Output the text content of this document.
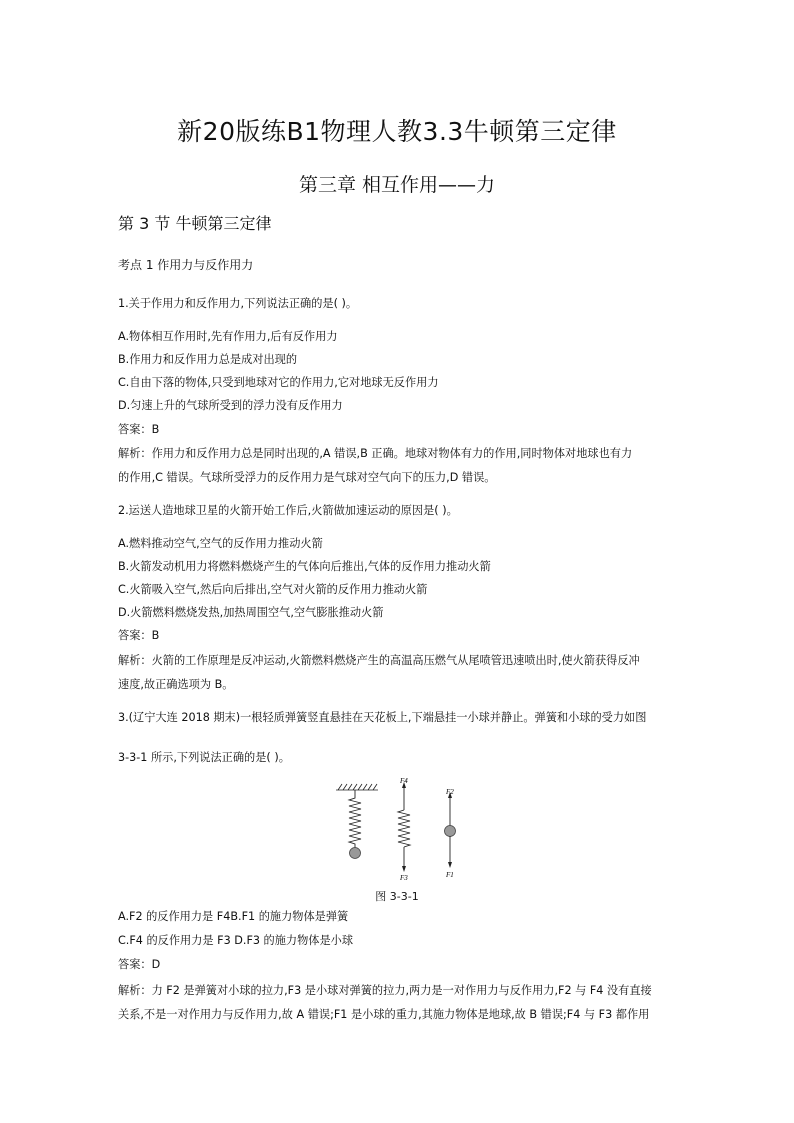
新20版练B1物理人教3.3牛顿第三定律
第三章 相互作用——力
第 3 节 牛顿第三定律
考点 1 作用力与反作用力
1.关于作用力和反作用力,下列说法正确的是( )。
A.物体相互作用时,先有作用力,后有反作用力
B.作用力和反作用力总是成对出现的
C.自由下落的物体,只受到地球对它的作用力,它对地球无反作用力
D.匀速上升的气球所受到的浮力没有反作用力
答案：B
解析：作用力和反作用力总是同时出现的,A 错误,B 正确。地球对物体有力的作用,同时物体对地球也有力
的作用,C 错误。气球所受浮力的反作用力是气球对空气向下的压力,D 错误。
2.运送人造地球卫星的火箭开始工作后,火箭做加速运动的原因是( )。
A.燃料推动空气,空气的反作用力推动火箭
B.火箭发动机用力将燃料燃烧产生的气体向后推出,气体的反作用力推动火箭
C.火箭吸入空气,然后向后排出,空气对火箭的反作用力推动火箭
D.火箭燃料燃烧发热,加热周围空气,空气膨胀推动火箭
答案：B
解析：火箭的工作原理是反冲运动,火箭燃料燃烧产生的高温高压燃气从尾喷管迅速喷出时,使火箭获得反冲
速度,故正确选项为 B。
3.(辽宁大连 2018 期末)一根轻质弹簧竖直悬挂在天花板上,下端悬挂一小球并静止。弹簧和小球的受力如图
3-3-1 所示,下列说法正确的是( )。
F4
F3
F2
F1
图 3-3-1
A.F2 的反作用力是 F4B.F1 的施力物体是弹簧
C.F4 的反作用力是 F3 D.F3 的施力物体是小球
答案：D
解析：力 F2 是弹簧对小球的拉力,F3 是小球对弹簧的拉力,两力是一对作用力与反作用力,F2 与 F4 没有直接
关系,不是一对作用力与反作用力,故 A 错误;F1 是小球的重力,其施力物体是地球,故 B 错误;F4 与 F3 都作用
